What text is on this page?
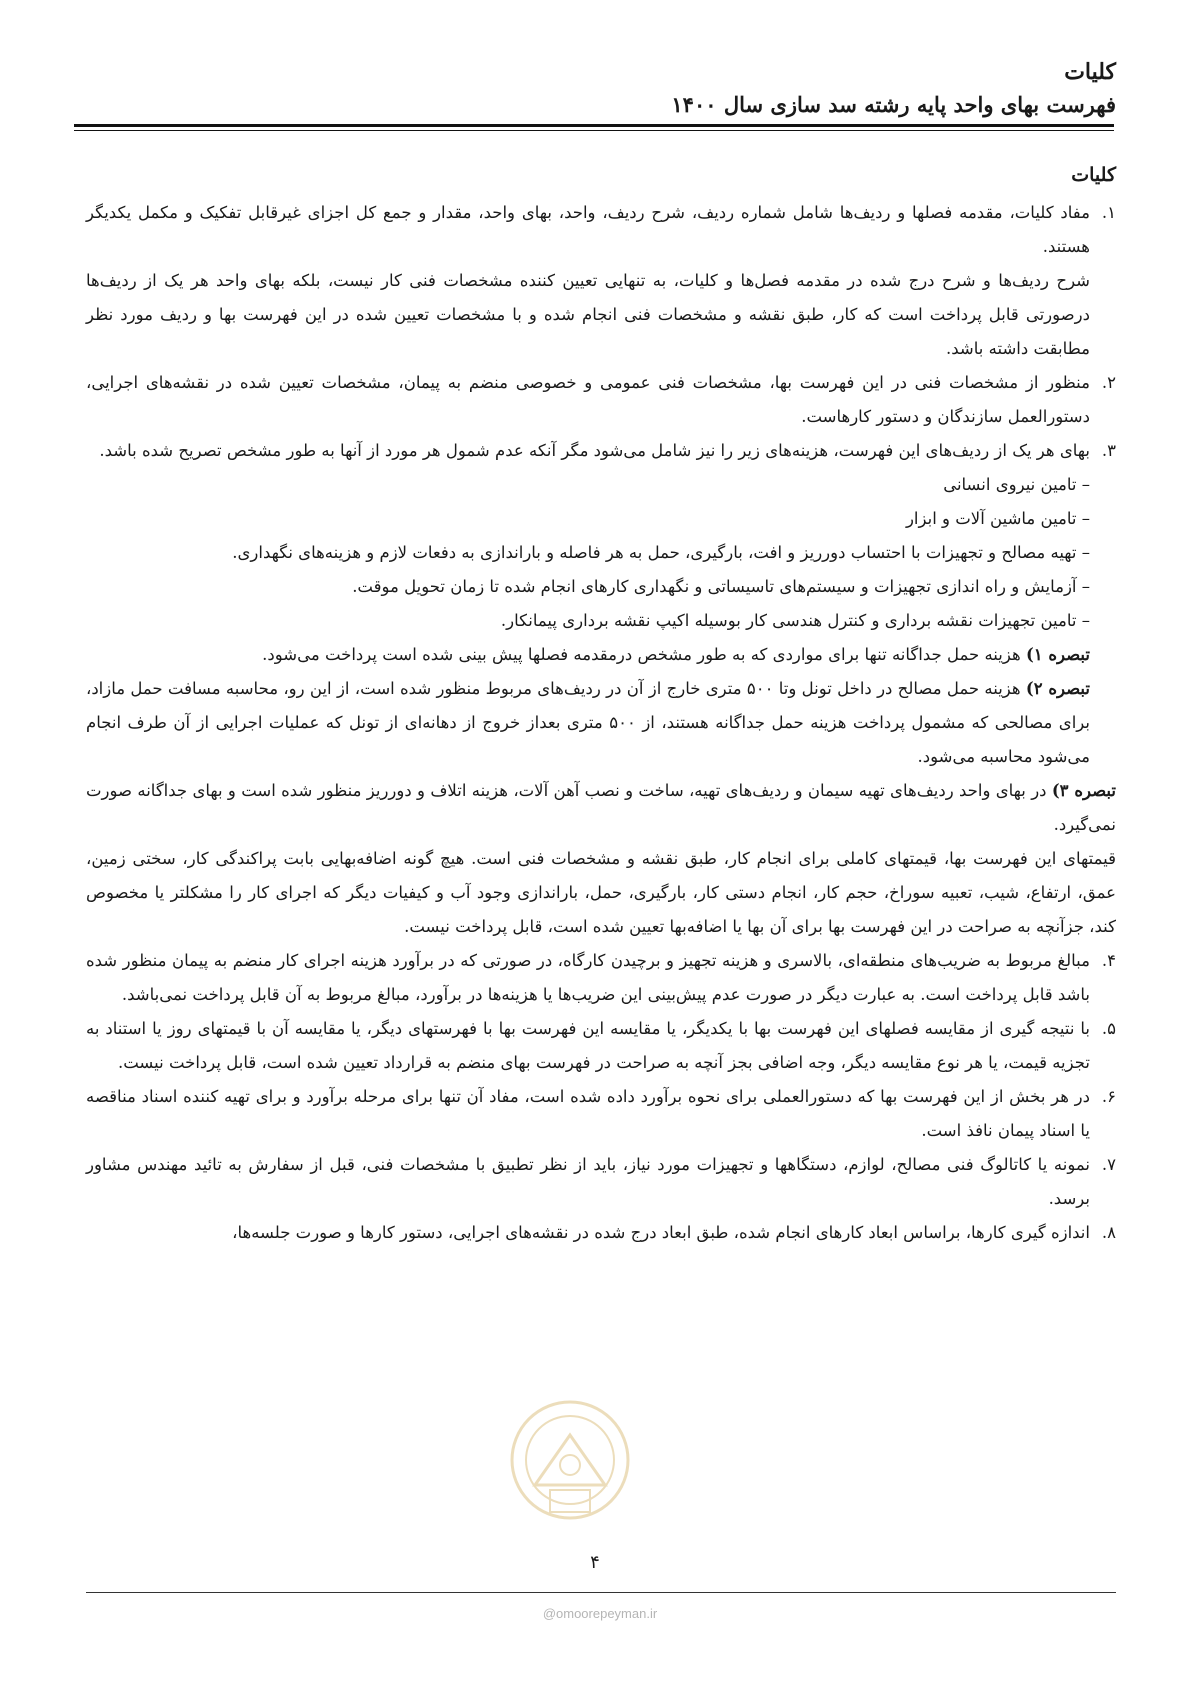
کلیات
فهرست بهای واحد پایه رشته سد سازی سال ۱۴۰۰
کلیات
۱.
مفاد کلیات، مقدمه فصلها و ردیف‌ها شامل شماره ردیف، شرح ردیف، واحد، بهای واحد، مقدار و جمع کل اجزای غیرقابل تفکیک و مکمل یکدیگر هستند.
شرح ردیف‌ها و شرح درج شده در مقدمه فصل‌ها و کلیات، به تنهایی تعیین کننده مشخصات فنی کار نیست، بلکه بهای واحد هر یک از ردیف‌ها درصورتی قابل پرداخت است که کار، طبق نقشه و مشخصات فنی انجام شده و با مشخصات تعیین شده در این فهرست بها و ردیف مورد نظر مطابقت داشته باشد.
۲.
منظور از مشخصات فنی در این فهرست بها، مشخصات فنی عمومی و خصوصی منضم به پیمان، مشخصات تعیین شده در نقشه‌های اجرایی، دستورالعمل سازندگان و دستور کارهاست.
۳.
بهای هر یک از ردیف‌های این فهرست، هزینه‌های زیر را نیز شامل می‌شود مگر آنکه عدم شمول هر مورد از آنها به طور مشخص تصریح شده باشد.
– تامین نیروی انسانی
– تامین ماشین آلات و ابزار
– تهیه مصالح و تجهیزات با احتساب دورریز و افت، بارگیری، حمل به هر فاصله و باراندازی به دفعات لازم و هزینه‌های نگهداری.
– آزمایش و راه اندازی تجهیزات و سیستم‌های تاسیساتی و نگهداری کارهای انجام شده تا زمان تحویل موقت.
– تامین تجهیزات نقشه برداری و کنترل هندسی کار بوسیله اکیپ نقشه برداری پیمانکار.
تبصره ۱) هزینه حمل جداگانه تنها برای مواردی که به طور مشخص درمقدمه فصلها پیش بینی شده است پرداخت می‌شود.
تبصره ۲) هزینه حمل مصالح در داخل تونل وتا ۵۰۰ متری خارج از آن در ردیف‌های مربوط منظور شده است، از این رو، محاسبه مسافت حمل مازاد، برای مصالحی که مشمول پرداخت هزینه حمل جداگانه هستند، از ۵۰۰ متری بعداز خروج از دهانه‌ای از تونل که عملیات اجرایی از آن طرف انجام می‌شود محاسبه می‌شود.
تبصره ۳) در بهای واحد ردیف‌های تهیه سیمان و ردیف‌های تهیه، ساخت و نصب آهن آلات، هزینه اتلاف و دورریز منظور شده است و بهای جداگانه صورت نمی‌گیرد.
قیمتهای این فهرست بها، قیمتهای کاملی برای انجام کار، طبق نقشه و مشخصات فنی است. هیچ گونه اضافه‌بهایی بابت پراکندگی کار، سختی زمین، عمق، ارتفاع، شیب، تعبیه سوراخ، حجم کار، انجام دستی کار، بارگیری، حمل، باراندازی وجود آب و کیفیات دیگر که اجرای کار را مشکلتر یا مخصوص کند، جزآنچه به صراحت در این فهرست بها برای آن بها یا اضافه‌بها تعیین شده است، قابل پرداخت نیست.
۴.
مبالغ مربوط به ضریب‌های منطقه‌ای، بالاسری و هزینه تجهیز و برچیدن کارگاه، در صورتی که در برآورد هزینه اجرای کار منضم به پیمان منظور شده باشد قابل پرداخت است. به عبارت دیگر در صورت عدم پیش‌بینی این ضریب‌ها یا هزینه‌ها در برآورد، مبالغ مربوط به آن قابل پرداخت نمی‌باشد.
۵.
با نتیجه گیری از مقایسه فصلهای این فهرست بها با یکدیگر، یا مقایسه این فهرست بها با فهرستهای دیگر، یا مقایسه آن با قیمتهای روز یا استناد به تجزیه قیمت، یا هر نوع مقایسه دیگر، وجه اضافی بجز آنچه به صراحت در فهرست بهای منضم به قرارداد تعیین شده است، قابل پرداخت نیست.
۶.
در هر بخش از این فهرست بها که دستورالعملی برای نحوه برآورد داده شده است، مفاد آن تنها برای مرحله برآورد و برای تهیه کننده اسناد مناقصه یا اسناد پیمان نافذ است.
۷.
نمونه یا کاتالوگ فنی مصالح، لوازم، دستگاهها و تجهیزات مورد نیاز، باید از نظر تطبیق با مشخصات فنی، قبل از سفارش به تائید مهندس مشاور برسد.
۸.
اندازه گیری کارها، براساس ابعاد کارهای انجام شده، طبق ابعاد درج شده در نقشه‌های اجرایی، دستور کارها و صورت جلسه‌ها،
۴
@omoorepeyman.ir
